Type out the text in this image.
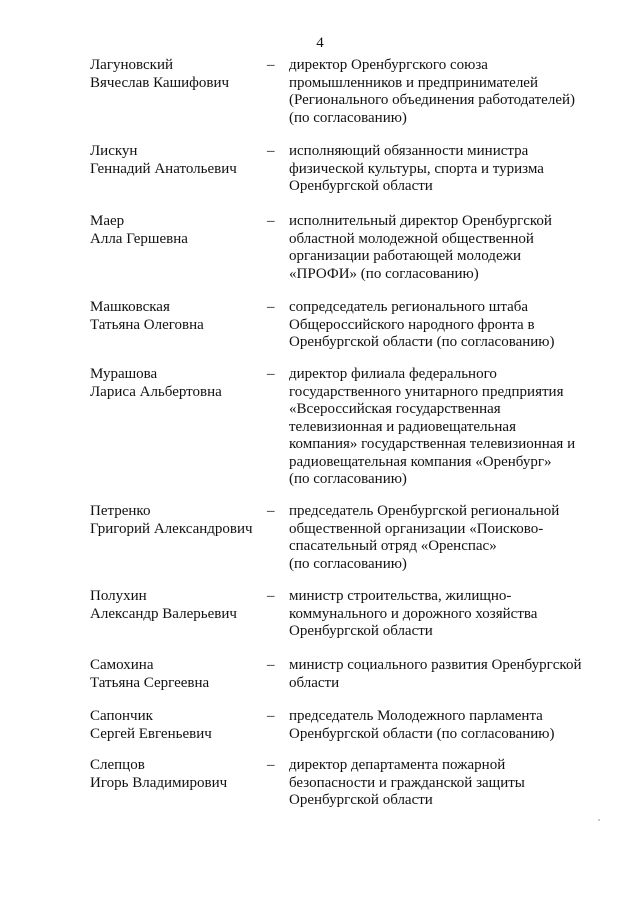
4
Лагуновский
Вячеслав Кашифович
– директор Оренбургского союза
промышленников и предпринимателей
(Регионального объединения работодателей)
(по согласованию)
Лискун
Геннадий Анатольевич
– исполняющий обязанности министра
физической культуры, спорта и туризма
Оренбургской области
Маер
Алла Гершевна
– исполнительный директор Оренбургской
областной молодежной общественной
организации работающей молодежи
«ПРОФИ» (по согласованию)
Машковская
Татьяна Олеговна
– сопредседатель регионального штаба
Общероссийского народного фронта в
Оренбургской области (по согласованию)
Мурашова
Лариса Альбертовна
– директор филиала федерального
государственного унитарного предприятия
«Всероссийская государственная
телевизионная и радиовещательная
компания» государственная телевизионная и
радиовещательная компания «Оренбург»
(по согласованию)
Петренко
Григорий Александрович
– председатель Оренбургской региональной
общественной организации «Поисково-
спасательный отряд «Оренспас»
(по согласованию)
Полухин
Александр Валерьевич
– министр строительства, жилищно-
коммунального и дорожного хозяйства
Оренбургской области
Самохина
Татьяна Сергеевна
– министр социального развития Оренбургской
области
Сапончик
Сергей Евгеньевич
– председатель Молодежного парламента
Оренбургской области (по согласованию)
Слепцов
Игорь Владимирович
– директор департамента пожарной
безопасности и гражданской защиты
Оренбургской области
